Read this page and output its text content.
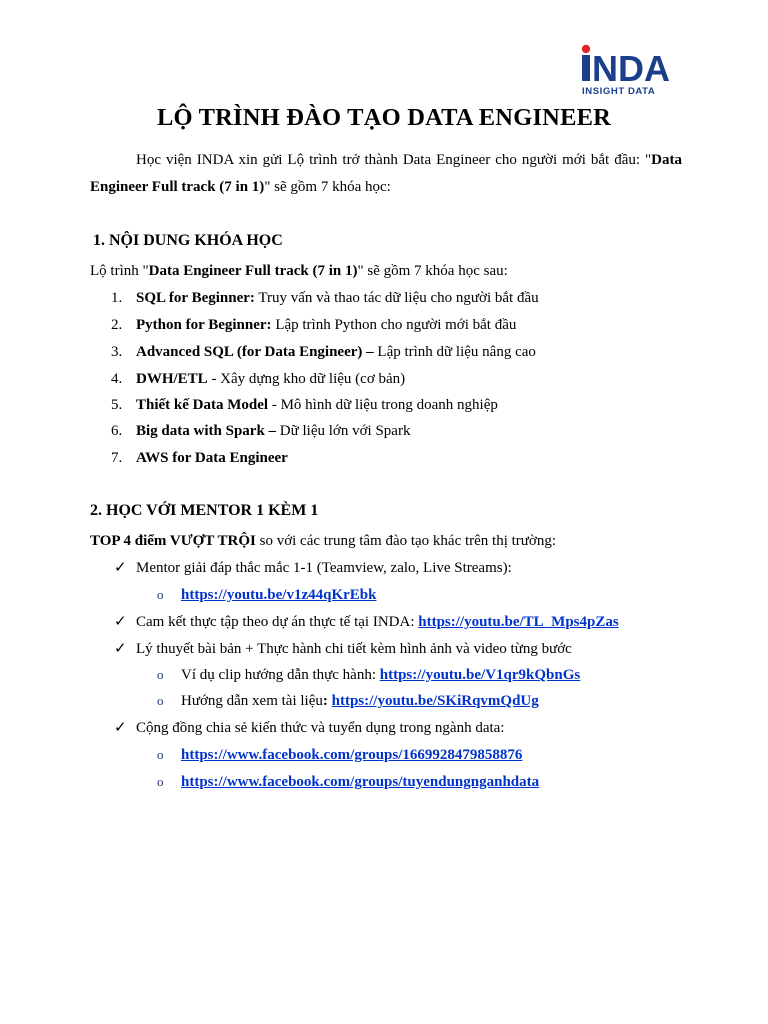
NDA
INSIGHT DATA
LỘ TRÌNH ĐÀO TẠO DATA ENGINEER
Học viện INDA xin gửi Lộ trình trở thành Data Engineer cho người mới bắt đầu: "Data Engineer Full track (7 in 1)" sẽ gồm 7 khóa học:
1. NỘI DUNG KHÓA HỌC
Lộ trình "Data Engineer Full track (7 in 1)" sẽ gồm 7 khóa học sau:
1. SQL for Beginner: Truy vấn và thao tác dữ liệu cho người bắt đầu
2. Python for Beginner: Lập trình Python cho người mới bắt đầu
3. Advanced SQL (for Data Engineer) – Lập trình dữ liệu nâng cao
4. DWH/ETL - Xây dựng kho dữ liệu (cơ bản)
5. Thiết kế Data Model - Mô hình dữ liệu trong doanh nghiệp
6. Big data with Spark – Dữ liệu lớn với Spark
7. AWS for Data Engineer
2. HỌC VỚI MENTOR 1 KÈM 1
TOP 4 điểm VƯỢT TRỘI so với các trung tâm đào tạo khác trên thị trường:
✓ Mentor giải đáp thắc mắc 1-1 (Teamview, zalo, Live Streams):
o https://youtu.be/v1z44qKrEbk
✓ Cam kết thực tập theo dự án thực tế tại INDA: https://youtu.be/TL_Mps4pZas
✓ Lý thuyết bài bản + Thực hành chi tiết kèm hình ảnh và video từng bước
o Ví dụ clip hướng dẫn thực hành: https://youtu.be/V1qr9kQbnGs
o Hướng dẫn xem tài liệu: https://youtu.be/SKiRqvmQdUg
✓ Cộng đồng chia sẻ kiến thức và tuyển dụng trong ngành data:
o https://www.facebook.com/groups/1669928479858876
o https://www.facebook.com/groups/tuyendungnganhdata
